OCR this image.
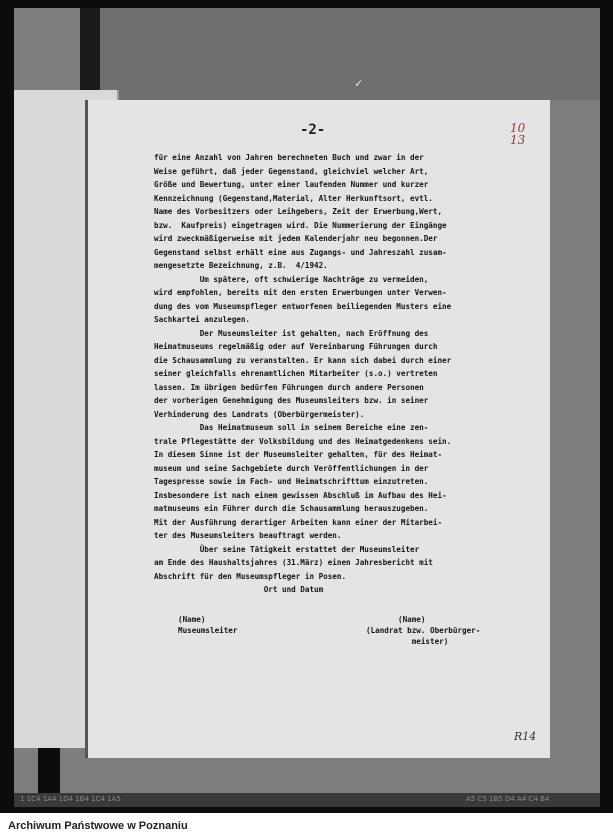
✓
-2-	10
13
für eine Anzahl von Jahren berechneten Buch und zwar in der
Weise geführt, daß jeder Gegenstand, gleichviel welcher Art,
Größe und Bewertung, unter einer laufenden Nummer und kurzer
Kennzeichnung (Gegenstand,Material, Alter Herkunftsort, evtl.
Name des Vorbesitzers oder Leihgebers, Zeit der Erwerbung,Wert,
bzw.  Kaufpreis) eingetragen wird. Die Nummerierung der Eingänge
wird zweckmäßigerweise mit jedem Kalenderjahr neu begonnen.Der
Gegenstand selbst erhält eine aus Zugangs- und Jahreszahl zusam-
mengesetzte Bezeichnung, z.B.  4/1942.
Um spätere, oft schwierige Nachträge zu vermeiden,
wird empfohlen, bereits mit den ersten Erwerbungen unter Verwen-
dung des vom Museumspfleger entworfenen beiliegenden Musters eine
Sachkartei anzulegen.
Der Museumsleiter ist gehalten, nach Eröffnung des
Heimatmuseums regelmäßig oder auf Vereinbarung Führungen durch
die Schausammlung zu veranstalten. Er kann sich dabei durch einer
seiner gleichfalls ehrenamtlichen Mitarbeiter (s.o.) vertreten
lassen. Im übrigen bedürfen Führungen durch andere Personen
der vorherigen Genehmigung des Museumsleiters bzw. in seiner
Verhinderung des Landrats (Oberbürgermeister).
Das Heimatmuseum soll in seinem Bereiche eine zen-
trale Pflegestätte der Volksbildung und des Heimatgedenkens sein.
In diesem Sinne ist der Museumsleiter gehalten, für des Heimat-
museum und seine Sachgebiete durch Veröffentlichungen in der
Tagespresse sowie im Fach- und Heimatschrifttum einzutreten.
Insbesondere ist nach einem gewissen Abschluß im Aufbau des Hei-
matmuseums ein Führer durch die Schausammlung herauszugeben.
Mit der Ausführung derartiger Arbeiten kann einer der Mitarbei-
ter des Museumsleiters beauftragt werden.
Über seine Tätigkeit erstattet der Museumsleiter
am Ende des Haushaltsjahres (31.März) einen Jahresbericht mit
Abschrift für den Museumspfleger in Posen.
Ort und Datum
(Name)
Museumsleiter
(Name)
(Landrat bzw. Oberbürger-
meister)
R14
1 1C4 1A4 1D4 1B4 1C4 1A5	A5 C5 1B5 D4 A4 C4 B4
Archiwum Państwowe w Poznaniu
